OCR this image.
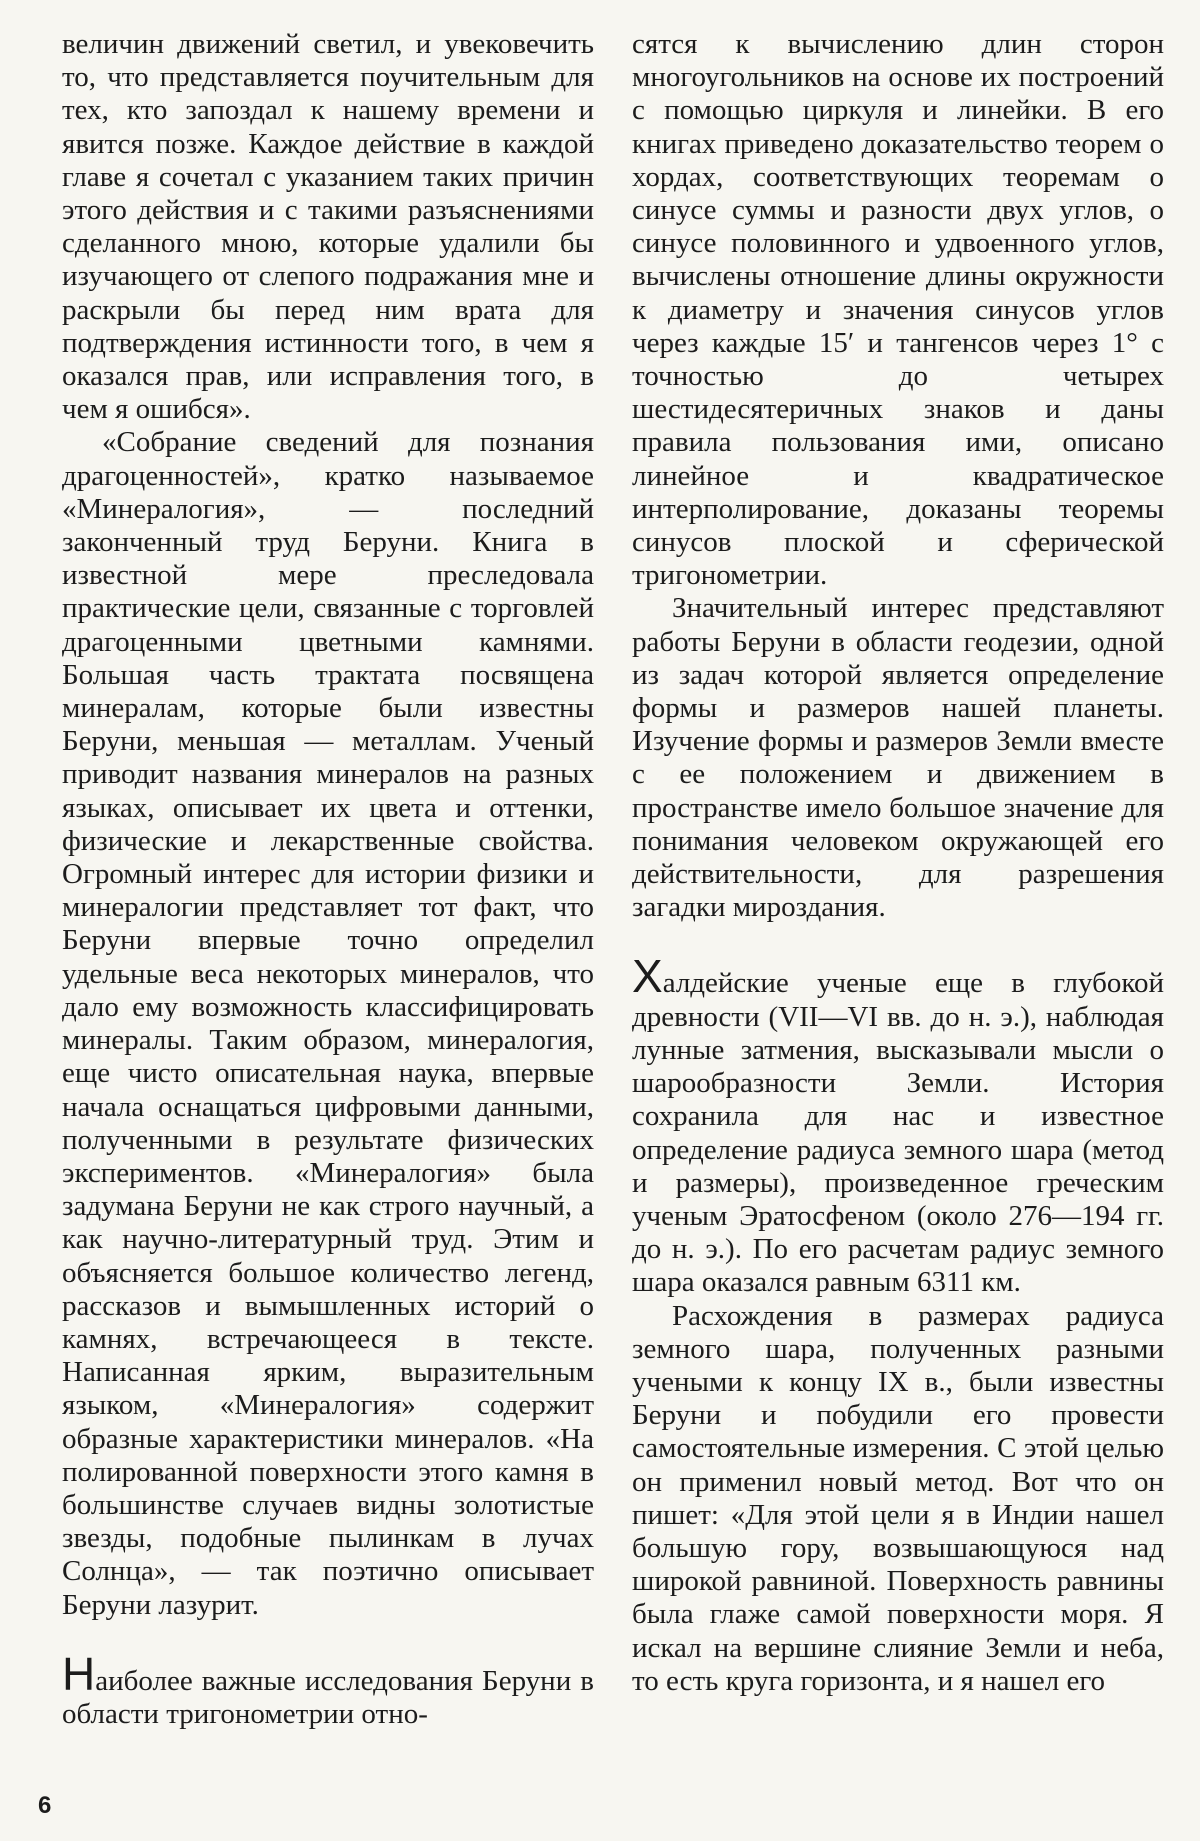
величин движений светил, и увековечить то, что представляется поучительным для тех, кто запоздал к нашему времени и явится позже. Каждое действие в каждой главе я сочетал с указанием таких причин этого действия и с такими разъяснениями сделанного мною, которые удалили бы изучающего от слепого подражания мне и раскрыли бы перед ним врата для подтверждения истинности того, в чем я оказался прав, или исправления того, в чем я ошибся».

«Собрание сведений для познания драгоценностей», кратко называемое «Минералогия», — последний законченный труд Беруни. Книга в известной мере преследовала практические цели, связанные с торговлей драгоценными цветными камнями. Большая часть трактата посвящена минералам, которые были известны Беруни, меньшая — металлам. Ученый приводит названия минералов на разных языках, описывает их цвета и оттенки, физические и лекарственные свойства. Огромный интерес для истории физики и минералогии представляет тот факт, что Беруни впервые точно определил удельные веса некоторых минералов, что дало ему возможность классифицировать минералы. Таким образом, минералогия, еще чисто описательная наука, впервые начала оснащаться цифровыми данными, полученными в результате физических экспериментов. «Минералогия» была задумана Беруни не как строго научный, а как научно-литературный труд. Этим и объясняется большое количество легенд, рассказов и вымышленных историй о камнях, встречающееся в тексте. Написанная ярким, выразительным языком, «Минералогия» содержит образные характеристики минералов. «На полированной поверхности этого камня в большинстве случаев видны золотистые звезды, подобные пылинкам в лучах Солнца», — так поэтично описывает Беруни лазурит.

Наиболее важные исследования Беруни в области тригонометрии отно-

сятся к вычислению длин сторон многоугольников на основе их построений с помощью циркуля и линейки. В его книгах приведено доказательство теорем о хордах, соответствующих теоремам о синусе суммы и разности двух углов, о синусе половинного и удвоенного углов, вычислены отношение длины окружности к диаметру и значения синусов углов через каждые 15′ и тангенсов через 1° с точностью до четырех шестидесятеричных знаков и даны правила пользования ими, описано линейное и квадратическое интерполирование, доказаны теоремы синусов плоской и сферической тригонометрии.

Значительный интерес представляют работы Беруни в области геодезии, одной из задач которой является определение формы и размеров нашей планеты. Изучение формы и размеров Земли вместе с ее положением и движением в пространстве имело большое значение для понимания человеком окружающей его действительности, для разрешения загадки мироздания.

Халдейские ученые еще в глубокой древности (VII—VI вв. до н. э.), наблюдая лунные затмения, высказывали мысли о шарообразности Земли. История сохранила для нас и известное определение радиуса земного шара (метод и размеры), произведенное греческим ученым Эратосфеном (около 276—194 гг. до н. э.). По его расчетам радиус земного шара оказался равным 6311 км.

Расхождения в размерах радиуса земного шара, полученных разными учеными к концу IX в., были известны Беруни и побудили его провести самостоятельные измерения. С этой целью он применил новый метод. Вот что он пишет: «Для этой цели я в Индии нашел большую гору, возвышающуюся над широкой равниной. Поверхность равнины была глаже самой поверхности моря. Я искал на вершине слияние Земли и неба, то есть круга горизонта, и я нашел его

6
